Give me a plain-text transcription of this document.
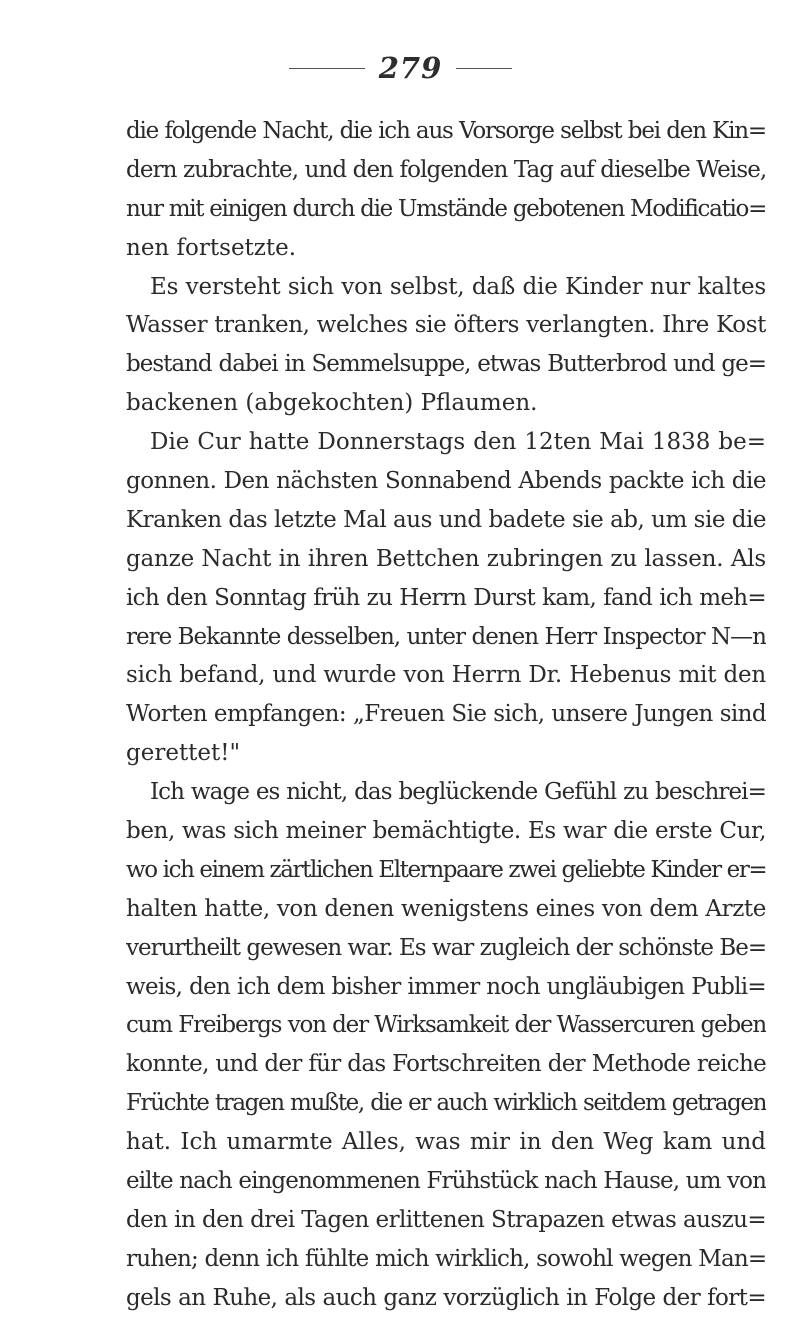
279
die folgende Nacht, die ich aus Vorsorge selbst bei den Kin=
dern zubrachte, und den folgenden Tag auf dieselbe Weise,
nur mit einigen durch die Umstände gebotenen Modificatio=
nen fortsetzte.
Es versteht sich von selbst, daß die Kinder nur kaltes
Wasser tranken, welches sie öfters verlangten. Ihre Kost
bestand dabei in Semmelsuppe, etwas Butterbrod und ge=
backenen (abgekochten) Pflaumen.
Die Cur hatte Donnerstags den 12ten Mai 1838 be=
gonnen. Den nächsten Sonnabend Abends packte ich die
Kranken das letzte Mal aus und badete sie ab, um sie die
ganze Nacht in ihren Bettchen zubringen zu lassen. Als
ich den Sonntag früh zu Herrn Durst kam, fand ich meh=
rere Bekannte desselben, unter denen Herr Inspector N—n
sich befand, und wurde von Herrn Dr. Hebenus mit den
Worten empfangen: „Freuen Sie sich, unsere Jungen sind
gerettet!"
Ich wage es nicht, das beglückende Gefühl zu beschrei=
ben, was sich meiner bemächtigte. Es war die erste Cur,
wo ich einem zärtlichen Elternpaare zwei geliebte Kinder er=
halten hatte, von denen wenigstens eines von dem Arzte
verurtheilt gewesen war. Es war zugleich der schönste Be=
weis, den ich dem bisher immer noch ungläubigen Publi=
cum Freibergs von der Wirksamkeit der Wassercuren geben
konnte, und der für das Fortschreiten der Methode reiche
Früchte tragen mußte, die er auch wirklich seitdem getragen
hat. Ich umarmte Alles, was mir in den Weg kam und
eilte nach eingenommenen Frühstück nach Hause, um von
den in den drei Tagen erlittenen Strapazen etwas auszu=
ruhen; denn ich fühlte mich wirklich, sowohl wegen Man=
gels an Ruhe, als auch ganz vorzüglich in Folge der fort=
